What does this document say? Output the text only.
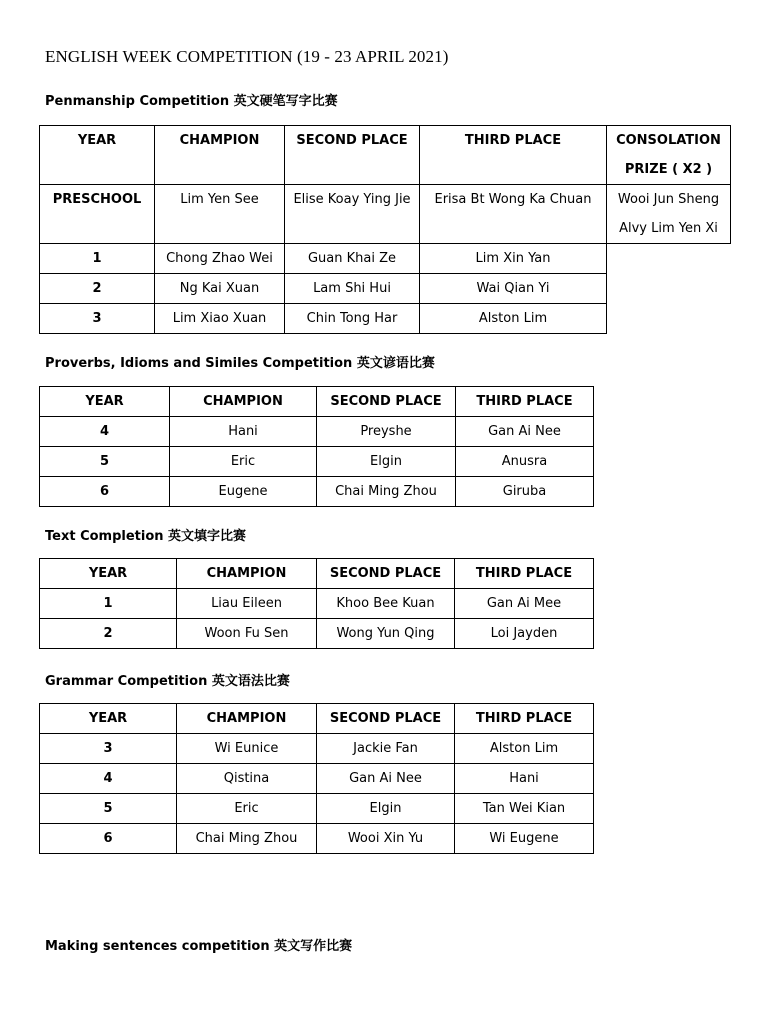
ENGLISH WEEK COMPETITION (19 - 23 APRIL 2021)
Penmanship Competition 英文硬笔写字比赛
YEAR	CHAMPION	SECOND PLACE	THIRD PLACE	CONSOLATION
PRIZE ( X2 )

PRESCHOOL	Lim Yen See	Elise Koay Ying Jie	Erisa Bt Wong Ka Chuan	Wooi Jun Sheng
Alvy Lim Yen Xi

1	Chong Zhao Wei	Guan Khai Ze	Lim Xin Yan	
2	Ng Kai Xuan	Lam Shi Hui	Wai Qian Yi	
3	Lim Xiao Xuan	Chin Tong Har	Alston Lim	
Proverbs, Idioms and Similes Competition 英文谚语比赛
YEAR	CHAMPION	SECOND PLACE	THIRD PLACE
4	Hani	Preyshe	Gan Ai Nee
5	Eric	Elgin	Anusra
6	Eugene	Chai Ming Zhou	Giruba
Text Completion 英文填字比赛
YEAR	CHAMPION	SECOND PLACE	THIRD PLACE
1	Liau Eileen	Khoo Bee Kuan	Gan Ai Mee
2	Woon Fu Sen	Wong Yun Qing	Loi Jayden
Grammar Competition 英文语法比赛
YEAR	CHAMPION	SECOND PLACE	THIRD PLACE
3	Wi Eunice	Jackie Fan	Alston Lim
4	Qistina	Gan Ai Nee	Hani
5	Eric	Elgin	Tan Wei Kian
6	Chai Ming Zhou	Wooi Xin Yu	Wi Eugene
Making sentences competition 英文写作比赛
